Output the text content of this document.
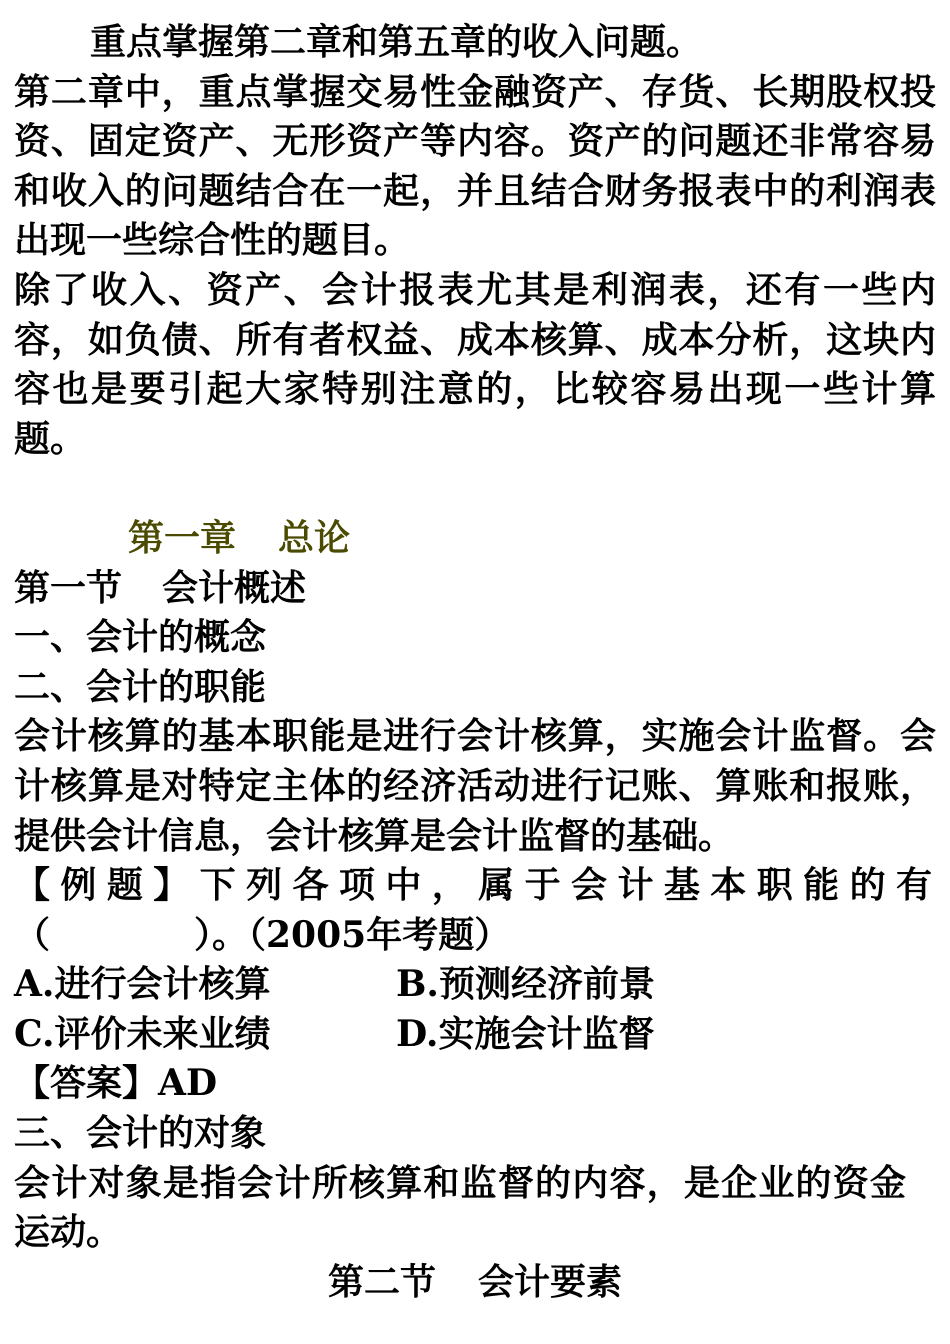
重点掌握第二章和第五章的收入问题。

第二章中，重点掌握交易性金融资产、存货、长期股权投资、固定资产、无形资产等内容。资产的问题还非常容易和收入的问题结合在一起，并且结合财务报表中的利润表出现一些综合性的题目。

除了收入、资产、会计报表尤其是利润表，还有一些内容，如负债、所有者权益、成本核算、成本分析，这块内容也是要引起大家特别注意的，比较容易出现一些计算题。

第一章 总论

第一节 会计概述

一、会计的概念

二、会计的职能

会计核算的基本职能是进行会计核算，实施会计监督。会计核算是对特定主体的经济活动进行记账、算账和报账，提供会计信息，会计核算是会计监督的基础。

【例题】下列各项中，属于会计基本职能的有

（　　　　）。（2005年考题）

A.进行会计核算	B.预测经济前景
C.评价未来业绩	D.实施会计监督

【答案】AD

三、会计的对象

会计对象是指会计所核算和监督的内容，是企业的资金运动。

第二节 会计要素
